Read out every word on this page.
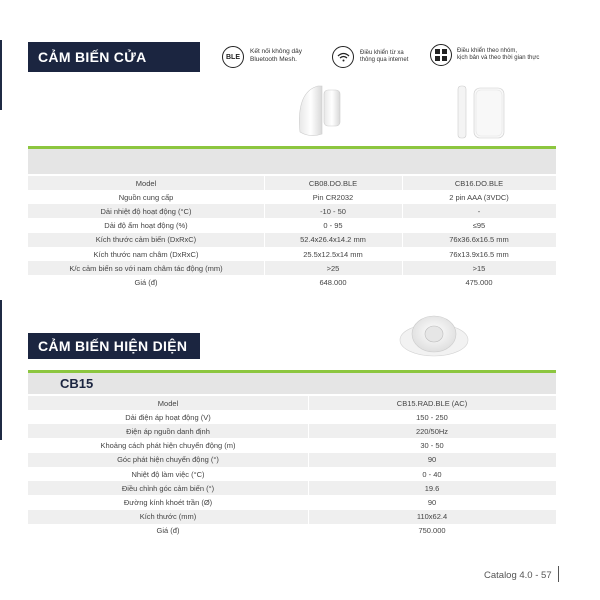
CẢM BIẾN CỬA	BLE
Kết nối không dây
Bluetooth Mesh.
Điều khiển từ xa
thông qua internet
Điều khiển theo nhóm,
kịch bản và theo thời gian thực
Model	CB08.DO.BLE	CB16.DO.BLE
Nguồn cung cấp	Pin CR2032	2 pin AAA (3VDC)
Dải nhiệt độ hoạt động (°C)	-10 - 50	-
Dải độ ẩm hoạt động (%)	0 - 95	≤95
Kích thước cảm biến (DxRxC)	52.4x26.4x14.2 mm	76x36.6x16.5 mm
Kích thước nam châm (DxRxC)	25.5x12.5x14 mm	76x13.9x16.5 mm
K/c cảm biến so với nam châm tác động (mm)	>25	>15
Giá (đ)	648.000	475.000
CẢM BIẾN HIỆN DIỆN
CB15
Model	CB15.RAD.BLE (AC)
Dải điện áp hoạt động (V)	150 - 250
Điện áp nguồn danh định	220/50Hz
Khoảng cách phát hiện chuyển động (m)	30 - 50
Góc phát hiện chuyển động (°)	90
Nhiệt độ làm việc (°C)	0 - 40
Điều chỉnh góc cảm biến (°)	19.6
Đường kính khoét trần (Ø)	90
Kích thước (mm)	110x62.4
Giá (đ)	750.000
Catalog 4.0 - 57
